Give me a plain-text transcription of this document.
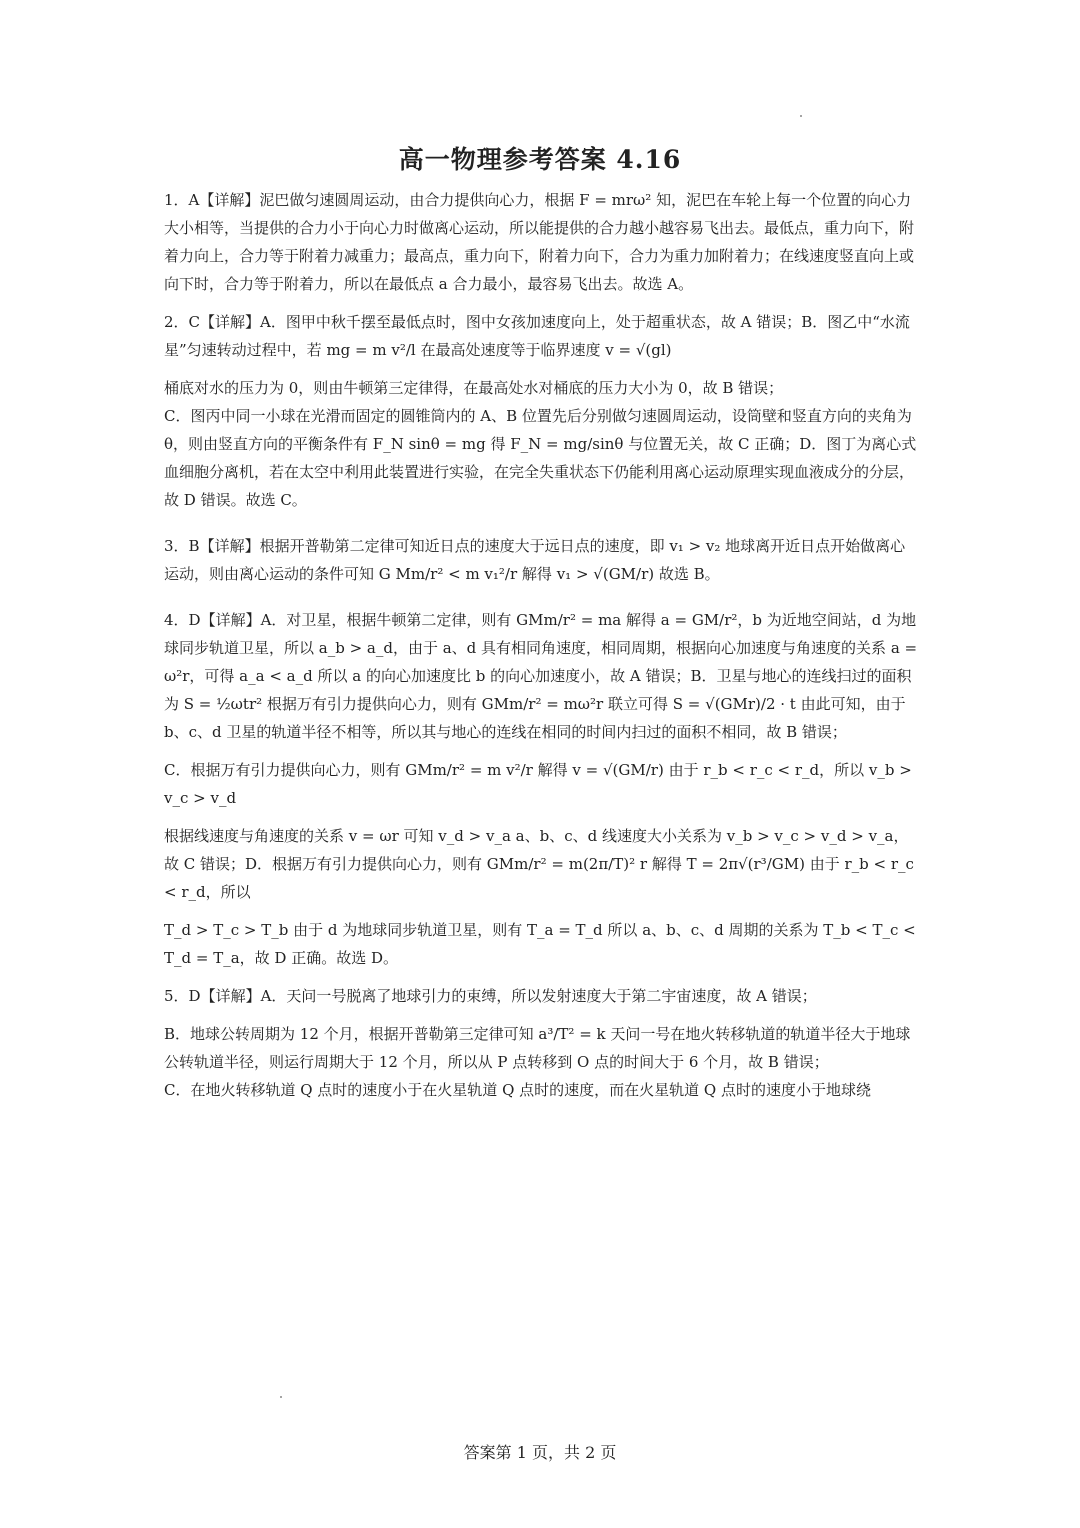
高一物理参考答案 4.16

1．A【详解】泥巴做匀速圆周运动，由合力提供向心力，根据 F = mrω² 知，泥巴在车轮上每一个位置的向心力大小相等，当提供的合力小于向心力时做离心运动，所以能提供的合力越小越容易飞出去。最低点，重力向下，附着力向上，合力等于附着力减重力；最高点，重力向下，附着力向下，合力为重力加附着力；在线速度竖直向上或向下时，合力等于附着力，所以在最低点 a 合力最小，最容易飞出去。故选 A。

2．C【详解】A．图甲中秋千摆至最低点时，图中女孩加速度向上，处于超重状态，故 A 错误；B．图乙中“水流星”匀速转动过程中，若 mg = m v²/l 在最高处速度等于临界速度 v = √(gl)

桶底对水的压力为 0，则由牛顿第三定律得，在最高处水对桶底的压力大小为 0，故 B 错误；

C．图丙中同一小球在光滑而固定的圆锥筒内的 A、B 位置先后分别做匀速圆周运动，设筒壁和竖直方向的夹角为θ，则由竖直方向的平衡条件有 F_N sinθ = mg 得 F_N = mg/sinθ 与位置无关，故 C 正确；D．图丁为离心式血细胞分离机，若在太空中利用此装置进行实验，在完全失重状态下仍能利用离心运动原理实现血液成分的分层，故 D 错误。故选 C。

3．B【详解】根据开普勒第二定律可知近日点的速度大于远日点的速度，即 v₁ > v₂ 地球离开近日点开始做离心运动，则由离心运动的条件可知 G Mm/r² < m v₁²/r 解得 v₁ > √(GM/r) 故选 B。

4．D【详解】A．对卫星，根据牛顿第二定律，则有 GMm/r² = ma 解得 a = GM/r²，b 为近地空间站，d 为地球同步轨道卫星，所以 a_b > a_d，由于 a、d 具有相同角速度，相同周期，根据向心加速度与角速度的关系 a = ω²r，可得 a_a < a_d 所以 a 的向心加速度比 b 的向心加速度小，故 A 错误；B．卫星与地心的连线扫过的面积为 S = ½ωtr² 根据万有引力提供向心力，则有 GMm/r² = mω²r 联立可得 S = √(GMr)/2 · t 由此可知，由于 b、c、d 卫星的轨道半径不相等，所以其与地心的连线在相同的时间内扫过的面积不相同，故 B 错误；

C．根据万有引力提供向心力，则有 GMm/r² = m v²/r 解得 v = √(GM/r) 由于 r_b < r_c < r_d，所以 v_b > v_c > v_d

根据线速度与角速度的关系 v = ωr 可知 v_d > v_a a、b、c、d 线速度大小关系为 v_b > v_c > v_d > v_a，故 C 错误；D．根据万有引力提供向心力，则有 GMm/r² = m(2π/T)² r 解得 T = 2π√(r³/GM) 由于 r_b < r_c < r_d，所以

T_d > T_c > T_b 由于 d 为地球同步轨道卫星，则有 T_a = T_d 所以 a、b、c、d 周期的关系为 T_b < T_c < T_d = T_a，故 D 正确。故选 D。

5．D【详解】A．天问一号脱离了地球引力的束缚，所以发射速度大于第二宇宙速度，故 A 错误；

B．地球公转周期为 12 个月，根据开普勒第三定律可知 a³/T² = k 天问一号在地火转移轨道的轨道半径大于地球公转轨道半径，则运行周期大于 12 个月，所以从 P 点转移到 O 点的时间大于 6 个月，故 B 错误；

C．在地火转移轨道 Q 点时的速度小于在火星轨道 Q 点时的速度，而在火星轨道 Q 点时的速度小于地球绕

答案第 1 页，共 2 页
